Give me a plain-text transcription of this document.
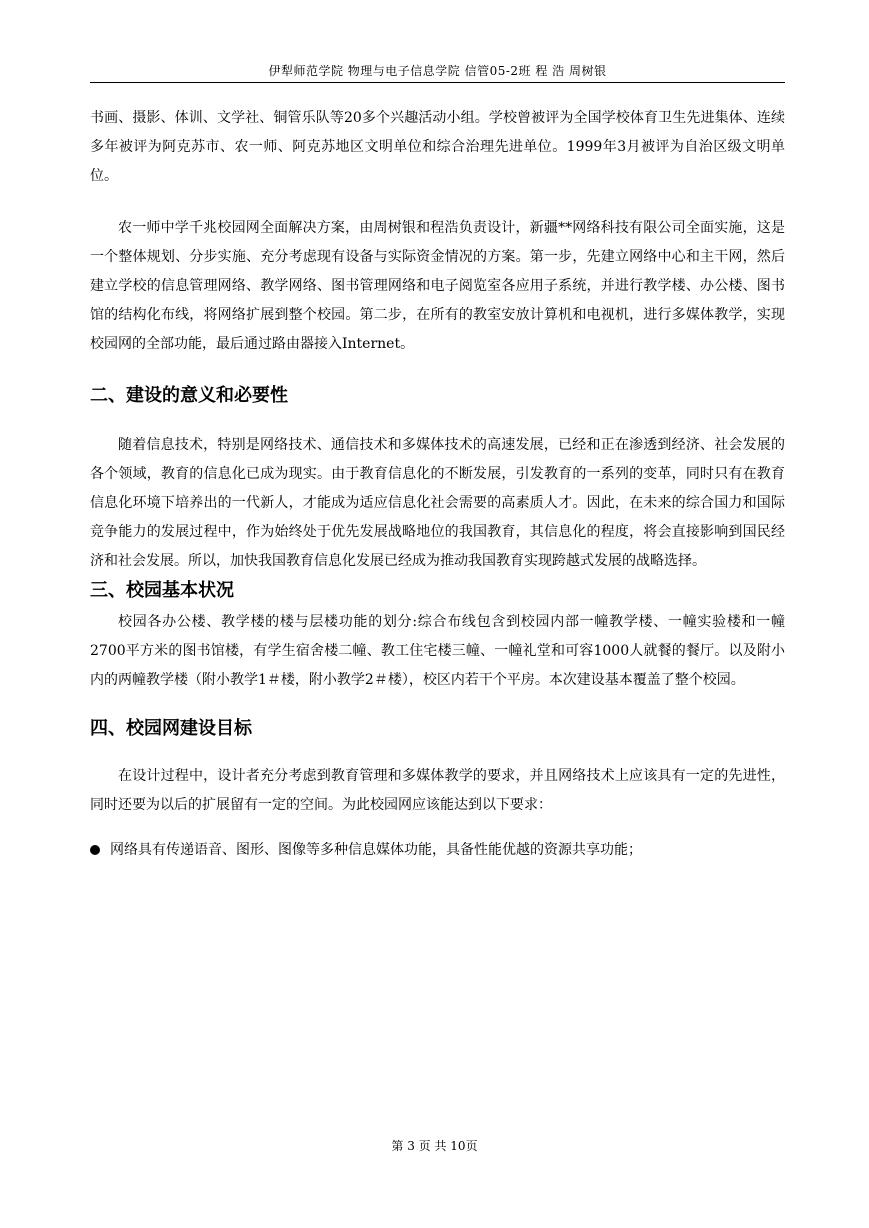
伊犁师范学院 物理与电子信息学院 信管05-2班 程 浩 周树银

书画、摄影、体训、文学社、铜管乐队等20多个兴趣活动小组。学校曾被评为全国学校体育卫生先进集体、连续多年被评为阿克苏市、农一师、阿克苏地区文明单位和综合治理先进单位。1999年3月被评为自治区级文明单位。

农一师中学千兆校园网全面解决方案，由周树银和程浩负责设计，新疆**网络科技有限公司全面实施，这是一个整体规划、分步实施、充分考虑现有设备与实际资金情况的方案。第一步，先建立网络中心和主干网，然后建立学校的信息管理网络、教学网络、图书管理网络和电子阅览室各应用子系统，并进行教学楼、办公楼、图书馆的结构化布线，将网络扩展到整个校园。第二步，在所有的教室安放计算机和电视机，进行多媒体教学，实现校园网的全部功能，最后通过路由器接入Internet。

二、建设的意义和必要性

随着信息技术，特别是网络技术、通信技术和多媒体技术的高速发展，已经和正在渗透到经济、社会发展的各个领域，教育的信息化已成为现实。由于教育信息化的不断发展，引发教育的一系列的变革，同时只有在教育信息化环境下培养出的一代新人，才能成为适应信息化社会需要的高素质人才。因此，在未来的综合国力和国际竞争能力的发展过程中，作为始终处于优先发展战略地位的我国教育，其信息化的程度，将会直接影响到国民经济和社会发展。所以，加快我国教育信息化发展已经成为推动我国教育实现跨越式发展的战略选择。

三、校园基本状况

校园各办公楼、教学楼的楼与层楼功能的划分:综合布线包含到校园内部一幢教学楼、一幢实验楼和一幢2700平方米的图书馆楼，有学生宿舍楼二幢、教工住宅楼三幢、一幢礼堂和可容1000人就餐的餐厅。以及附小内的两幢教学楼（附小教学1＃楼，附小教学2＃楼），校区内若干个平房。本次建设基本覆盖了整个校园。

四、校园网建设目标

在设计过程中，设计者充分考虑到教育管理和多媒体教学的要求，并且网络技术上应该具有一定的先进性，同时还要为以后的扩展留有一定的空间。为此校园网应该能达到以下要求：

网络具有传递语音、图形、图像等多种信息媒体功能，具备性能优越的资源共享功能；
第 3 页 共 10页
